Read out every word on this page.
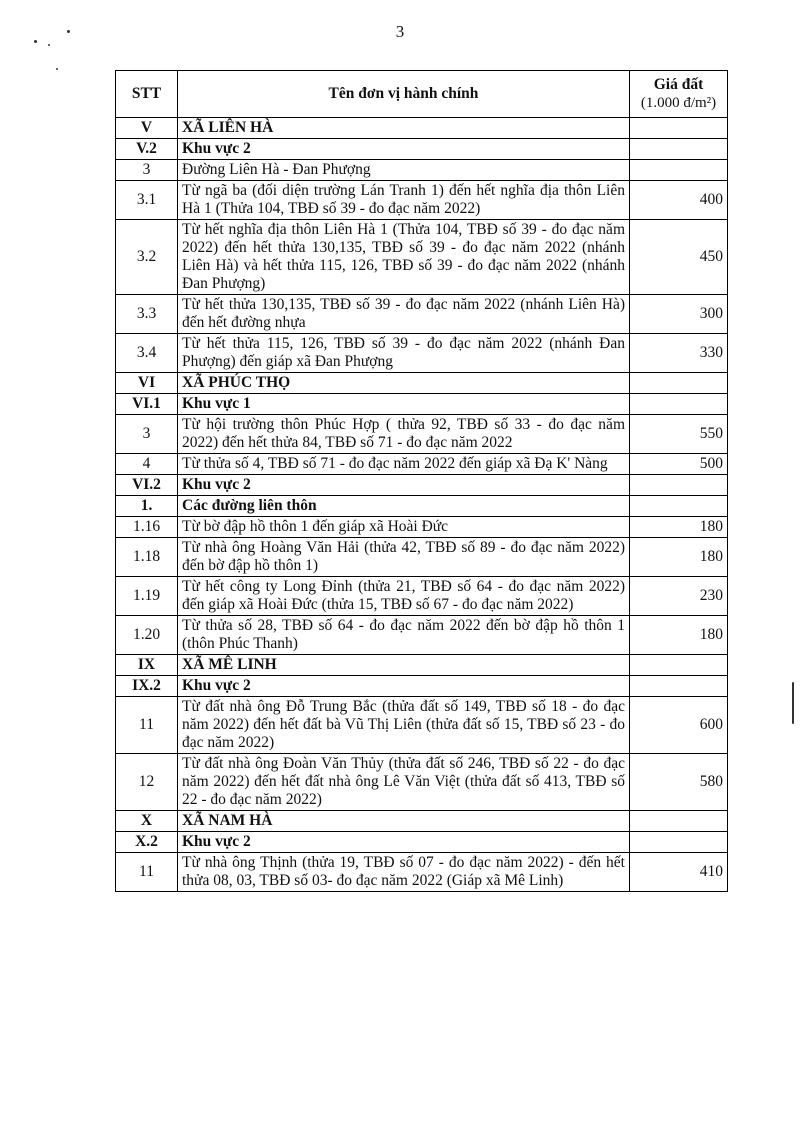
3
STT	Tên đơn vị hành chính	Giá đất
(1.000 đ/m²)
V	XÃ LIÊN HÀ	
V.2	Khu vực 2	
3	Đường Liên Hà - Đan Phượng	
3.1	Từ ngã ba (đối diện trường Lán Tranh 1) đến hết nghĩa địa thôn Liên Hà 1 (Thửa 104, TBĐ số 39 - đo đạc năm 2022)	400
3.2	Từ hết nghĩa địa thôn Liên Hà 1 (Thửa 104, TBĐ số 39 - đo đạc năm 2022) đến hết thửa 130,135, TBĐ số 39 - đo đạc năm 2022 (nhánh Liên Hà) và hết thửa 115, 126, TBĐ số 39 - đo đạc năm 2022 (nhánh Đan Phượng)	450
3.3	Từ hết thửa 130,135, TBĐ số 39 - đo đạc năm 2022 (nhánh Liên Hà) đến hết đường nhựa	300
3.4	Từ hết thửa 115, 126, TBĐ số 39 - đo đạc năm 2022 (nhánh Đan Phượng) đến giáp xã Đan Phượng	330
VI	XÃ PHÚC THỌ	
VI.1	Khu vực 1	
3	Từ hội trường thôn Phúc Hợp ( thửa 92, TBĐ số 33 - đo đạc năm 2022) đến hết thửa 84, TBĐ số 71 - đo đạc năm 2022	550
4	Từ thửa số 4, TBĐ số 71 - đo đạc năm 2022 đến giáp xã Đạ K' Nàng	500
VI.2	Khu vực 2	
1.	Các đường liên thôn	
1.16	Từ bờ đập hồ thôn 1 đến giáp xã Hoài Đức	180
1.18	Từ nhà ông Hoàng Văn Hải (thửa 42, TBĐ số 89 - đo đạc năm 2022) đến bờ đập hồ thôn 1)	180
1.19	Từ hết công ty Long Đỉnh (thửa 21, TBĐ số 64 - đo đạc năm 2022) đến giáp xã Hoài Đức (thửa 15, TBĐ số 67 - đo đạc năm 2022)	230
1.20	Từ thửa số 28, TBĐ số 64 - đo đạc năm 2022 đến bờ đập hồ thôn 1 (thôn Phúc Thanh)	180
IX	XÃ MÊ LINH	
IX.2	Khu vực 2	
11	Từ đất nhà ông Đỗ Trung Bắc (thửa đất số 149, TBĐ số 18 - đo đạc năm 2022) đến hết đất bà Vũ Thị Liên (thửa đất số 15, TBĐ số 23 - đo đạc năm 2022)	600
12	Từ đất nhà ông Đoàn Văn Thủy (thửa đất số 246, TBĐ số 22 - đo đạc năm 2022) đến hết đất nhà ông Lê Văn Việt (thửa đất số 413, TBĐ số 22 - đo đạc năm 2022)	580
X	XÃ NAM HÀ	
X.2	Khu vực 2	
11	Từ nhà ông Thịnh (thửa 19, TBĐ số 07 - đo đạc năm 2022) - đến hết thửa 08, 03, TBĐ số 03- đo đạc năm 2022 (Giáp xã Mê Linh)	410
